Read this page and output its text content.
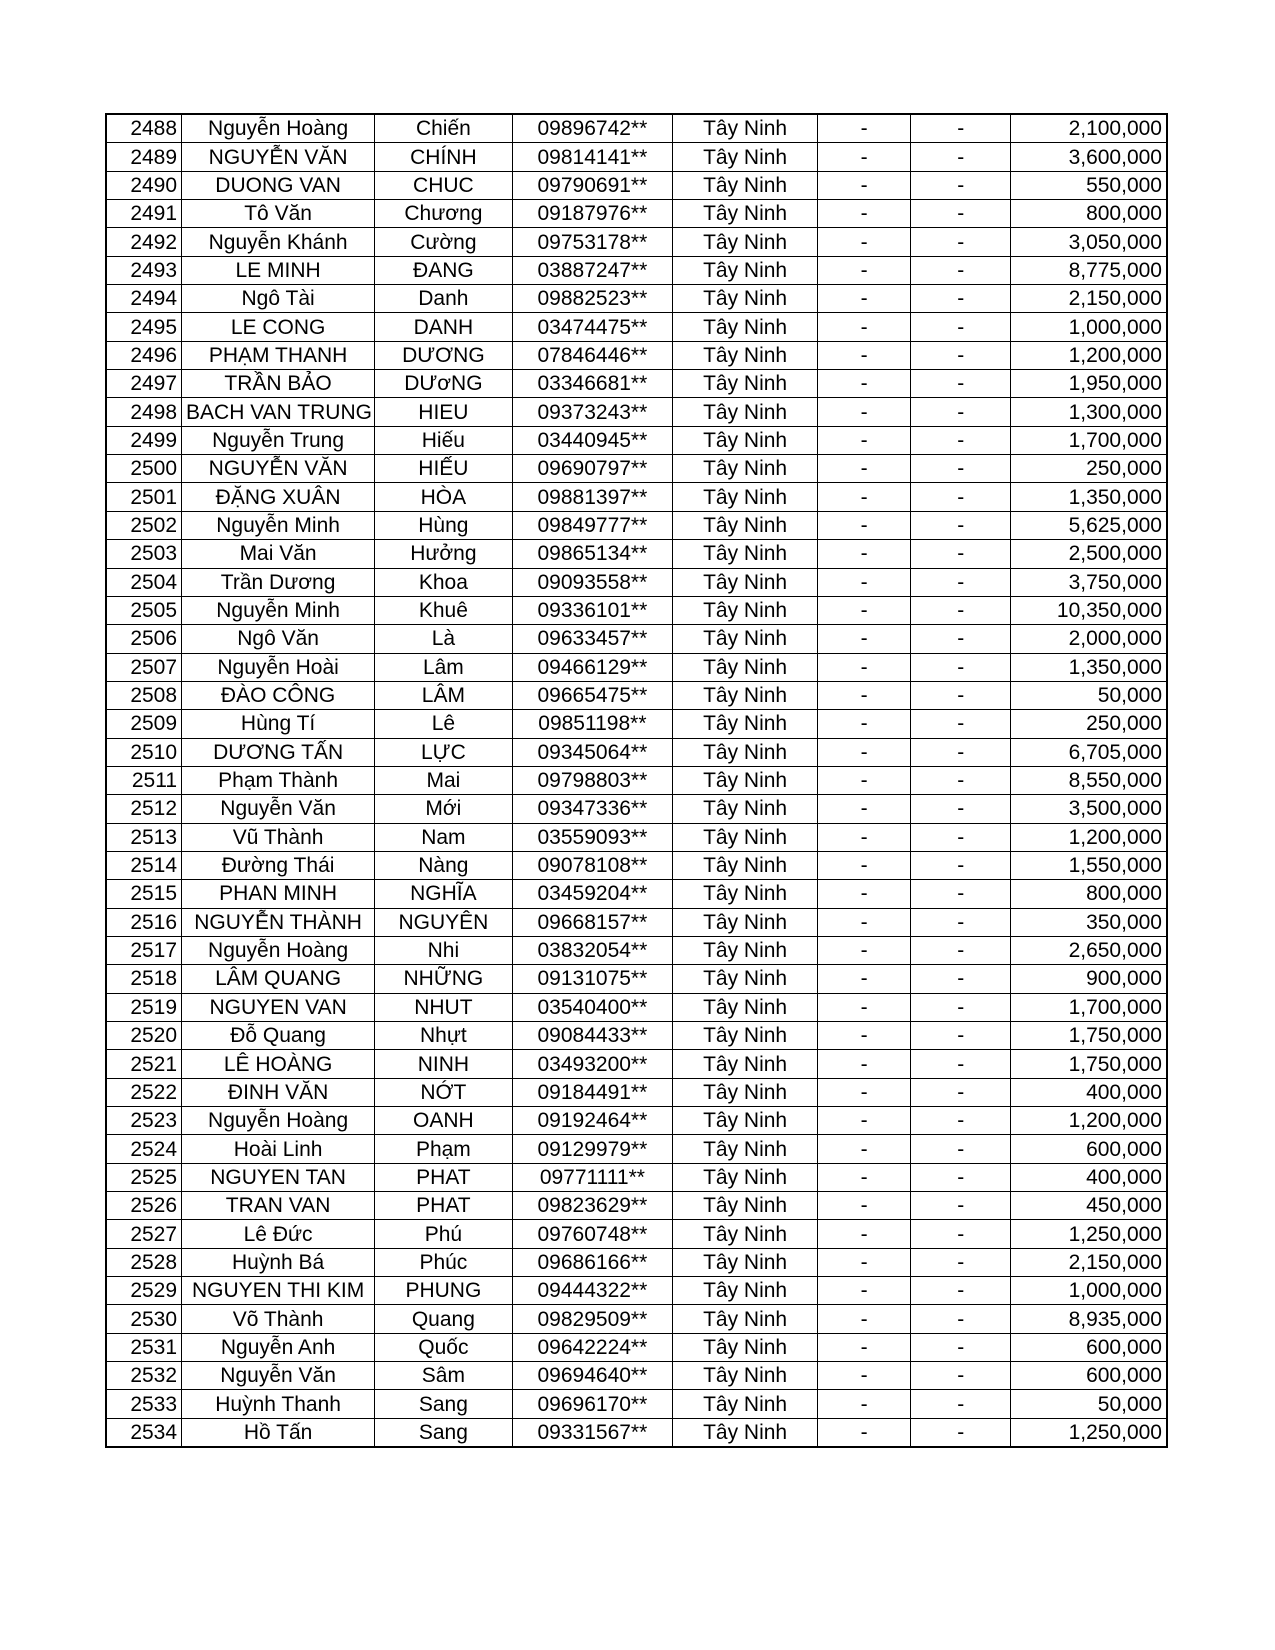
2488	Nguyễn Hoàng	Chiến	09896742**	Tây Ninh	-	-	2,100,000
2489	NGUYỄN VĂN	CHÍNH	09814141**	Tây Ninh	-	-	3,600,000
2490	DUONG VAN	CHUC	09790691**	Tây Ninh	-	-	550,000
2491	Tô Văn	Chương	09187976**	Tây Ninh	-	-	800,000
2492	Nguyễn Khánh	Cường	09753178**	Tây Ninh	-	-	3,050,000
2493	LE MINH	ĐANG	03887247**	Tây Ninh	-	-	8,775,000
2494	Ngô Tài	Danh	09882523**	Tây Ninh	-	-	2,150,000
2495	LE CONG	DANH	03474475**	Tây Ninh	-	-	1,000,000
2496	PHẠM THANH	DƯƠNG	07846446**	Tây Ninh	-	-	1,200,000
2497	TRẦN BẢO	DƯơNG	03346681**	Tây Ninh	-	-	1,950,000
2498	BACH VAN TRUNG	HIEU	09373243**	Tây Ninh	-	-	1,300,000
2499	Nguyễn Trung	Hiếu	03440945**	Tây Ninh	-	-	1,700,000
2500	NGUYỄN VĂN	HIẾU	09690797**	Tây Ninh	-	-	250,000
2501	ĐẶNG XUÂN	HÒA	09881397**	Tây Ninh	-	-	1,350,000
2502	Nguyễn Minh	Hùng	09849777**	Tây Ninh	-	-	5,625,000
2503	Mai Văn	Hưởng	09865134**	Tây Ninh	-	-	2,500,000
2504	Trần Dương	Khoa	09093558**	Tây Ninh	-	-	3,750,000
2505	Nguyễn Minh	Khuê	09336101**	Tây Ninh	-	-	10,350,000
2506	Ngô Văn	Là	09633457**	Tây Ninh	-	-	2,000,000
2507	Nguyễn Hoài	Lâm	09466129**	Tây Ninh	-	-	1,350,000
2508	ĐÀO CÔNG	LÂM	09665475**	Tây Ninh	-	-	50,000
2509	Hùng Tí	Lê	09851198**	Tây Ninh	-	-	250,000
2510	DƯƠNG TẤN	LỰC	09345064**	Tây Ninh	-	-	6,705,000
2511	Phạm Thành	Mai	09798803**	Tây Ninh	-	-	8,550,000
2512	Nguyễn Văn	Mới	09347336**	Tây Ninh	-	-	3,500,000
2513	Vũ Thành	Nam	03559093**	Tây Ninh	-	-	1,200,000
2514	Đường Thái	Nàng	09078108**	Tây Ninh	-	-	1,550,000
2515	PHAN MINH	NGHĨA	03459204**	Tây Ninh	-	-	800,000
2516	NGUYỄN THÀNH	NGUYÊN	09668157**	Tây Ninh	-	-	350,000
2517	Nguyễn Hoàng	Nhi	03832054**	Tây Ninh	-	-	2,650,000
2518	LÂM QUANG	NHỮNG	09131075**	Tây Ninh	-	-	900,000
2519	NGUYEN VAN	NHUT	03540400**	Tây Ninh	-	-	1,700,000
2520	Đỗ Quang	Nhựt	09084433**	Tây Ninh	-	-	1,750,000
2521	LÊ HOÀNG	NINH	03493200**	Tây Ninh	-	-	1,750,000
2522	ĐINH VĂN	NỚT	09184491**	Tây Ninh	-	-	400,000
2523	Nguyễn Hoàng	OANH	09192464**	Tây Ninh	-	-	1,200,000
2524	Hoài Linh	Phạm	09129979**	Tây Ninh	-	-	600,000
2525	NGUYEN TAN	PHAT	09771111**	Tây Ninh	-	-	400,000
2526	TRAN VAN	PHAT	09823629**	Tây Ninh	-	-	450,000
2527	Lê Đức	Phú	09760748**	Tây Ninh	-	-	1,250,000
2528	Huỳnh Bá	Phúc	09686166**	Tây Ninh	-	-	2,150,000
2529	NGUYEN THI KIM	PHUNG	09444322**	Tây Ninh	-	-	1,000,000
2530	Võ Thành	Quang	09829509**	Tây Ninh	-	-	8,935,000
2531	Nguyễn Anh	Quốc	09642224**	Tây Ninh	-	-	600,000
2532	Nguyễn Văn	Sâm	09694640**	Tây Ninh	-	-	600,000
2533	Huỳnh Thanh	Sang	09696170**	Tây Ninh	-	-	50,000
2534	Hồ Tấn	Sang	09331567**	Tây Ninh	-	-	1,250,000
